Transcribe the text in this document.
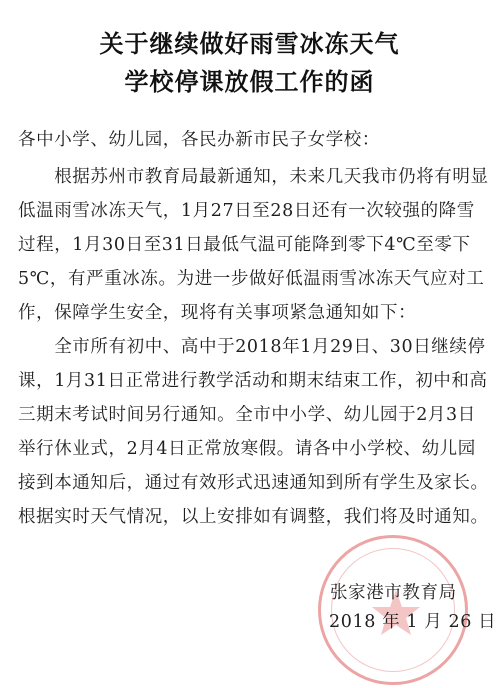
关于继续做好雨雪冰冻天气
学校停课放假工作的函
各中小学、幼儿园，各民办新市民子女学校：
　　根据苏州市教育局最新通知，未来几天我市仍将有明显
低温雨雪冰冻天气，1月27日至28日还有一次较强的降雪
过程，1月30日至31日最低气温可能降到零下4℃至零下
5℃，有严重冰冻。为进一步做好低温雨雪冰冻天气应对工
作，保障学生安全，现将有关事项紧急通知如下：
　　全市所有初中、高中于2018年1月29日、30日继续停
课，1月31日正常进行教学活动和期末结束工作，初中和高
三期末考试时间另行通知。全市中小学、幼儿园于2月3日
举行休业式，2月4日正常放寒假。请各中小学校、幼儿园
接到本通知后，通过有效形式迅速通知到所有学生及家长。
根据实时天气情况，以上安排如有调整，我们将及时通知。
张家港市教育局
2018 年 1 月 26 日
